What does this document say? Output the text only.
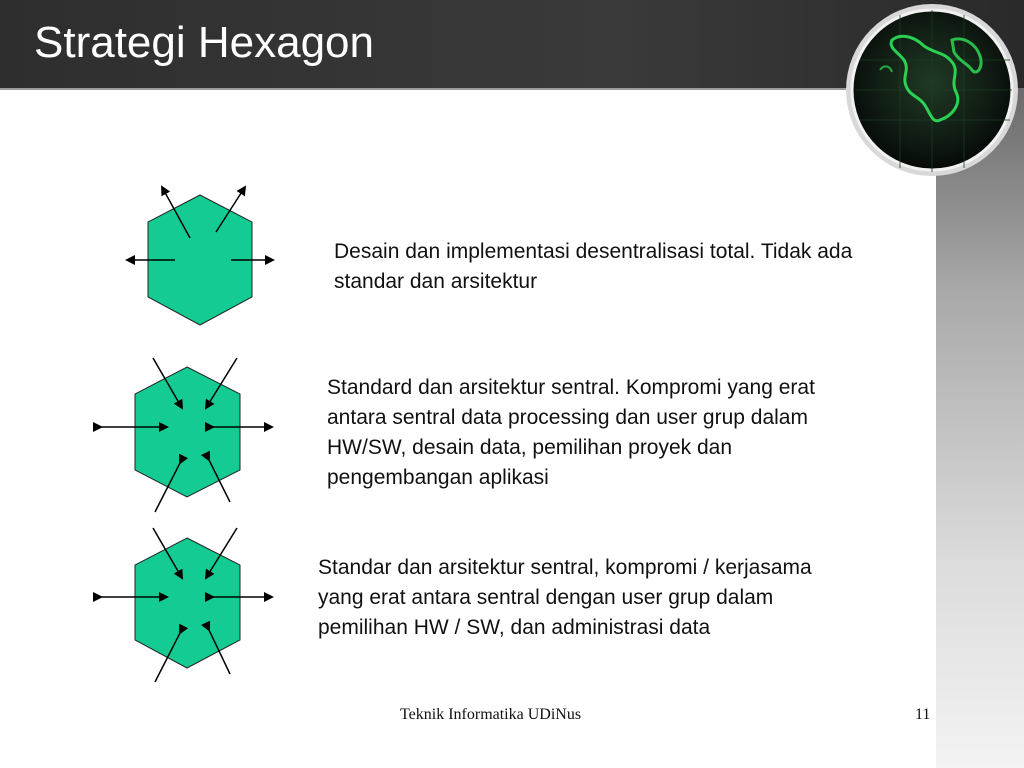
Strategi Hexagon
Desain dan implementasi desentralisasi total. Tidak ada standar dan arsitektur
Standard dan arsitektur sentral. Kompromi yang erat antara sentral data processing dan user grup dalam HW/SW, desain data, pemilihan proyek dan pengembangan aplikasi
Standar dan arsitektur sentral, kompromi / kerjasama yang erat antara sentral dengan user grup dalam pemilihan HW / SW, dan administrasi data
Teknik Informatika UDiNus	11
